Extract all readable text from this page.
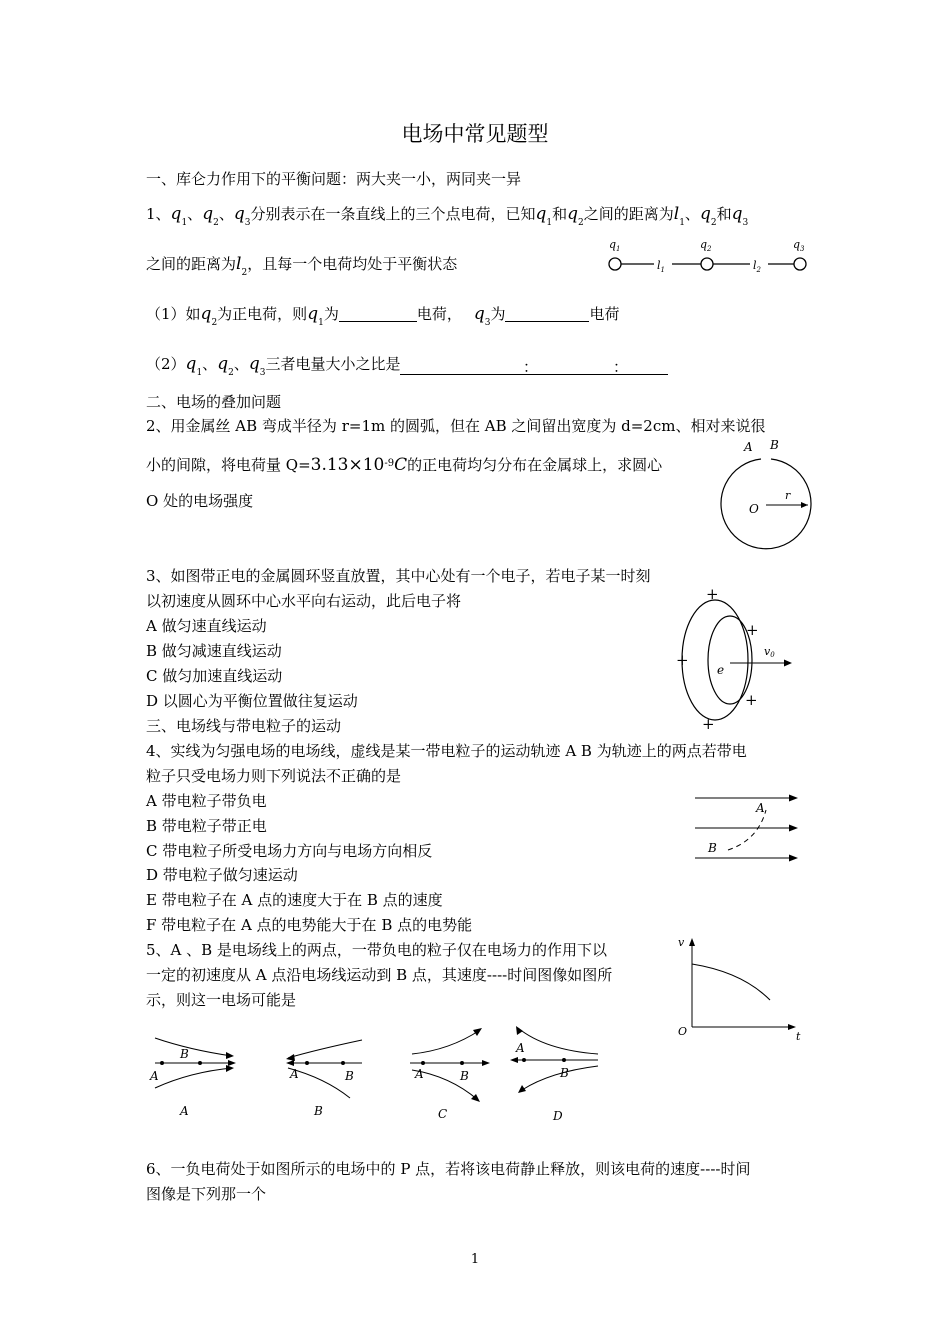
电场中常见题型
一、库仑力作用下的平衡问题：两大夹一小，两同夹一异
1、$q_1$、$q_2$、$q_3$分别表示在一条直线上的三个点电荷，已知$q_1$和$q_2$之间的距离为$l_1$、$q_2$和$q_3$
之间的距离为$l_2$，且每一个电荷均处于平衡状态
$q_1$	$q_2$	$q_3$
$l_1$	$l_2$
（1）如$q_2$为正电荷，则$q_1$为	电荷， $q_3$为	电荷
$(2)q_1$、$q_2$、$q_3$三者电量大小之比是	：	：
二、电场的叠加问题
2、用金属丝 AB 弯成半径为 r=1m 的圆弧，但在 AB 之间留出宽度为 d=2cm、相对来说很
小的间隙，将电荷量 $Q=3.13\times 10^{-9}C$的正电荷均匀分布在金属球上，求圆心
O 处的电场强度
A B
O
r
3、如图带正电的金属圆环竖直放置，其中心处有一个电子，若电子某一时刻
以初速度从圆环中心水平向右运动，此后电子将
A 做匀速直线运动
B 做匀减速直线运动
C 做匀加速直线运动
D 以圆心为平衡位置做往复运动
+
+
+
+
+
e
v0
三、电场线与带电粒子的运动
4、实线为匀强电场的电场线，虚线是某一带电粒子的运动轨迹 A B 为轨迹上的两点若带电
粒子只受电场力则下列说法不正确的是
A 带电粒子带负电
B 带电粒子带正电
C 带电粒子所受电场力方向与电场方向相反
D 带电粒子做匀速运动
E 带电粒子在 A 点的速度大于在 B 点的速度
F 带电粒子在 A 点的电势能大于在 B 点的电势能
A
B
5、A 、B 是电场线上的两点，一带负电的粒子仅在电场力的作用下以
一定的初速度从 A 点沿电场线运动到 B 点，其速度----时间图像如图所
示，则这一电场可能是
v
t
O
A
B
A
A	B
B
A	B
C
A
B
D
6、一负电荷处于如图所示的电场中的 P 点，若将该电荷静止释放，则该电荷的速度----时间
图像是下列那一个
1
